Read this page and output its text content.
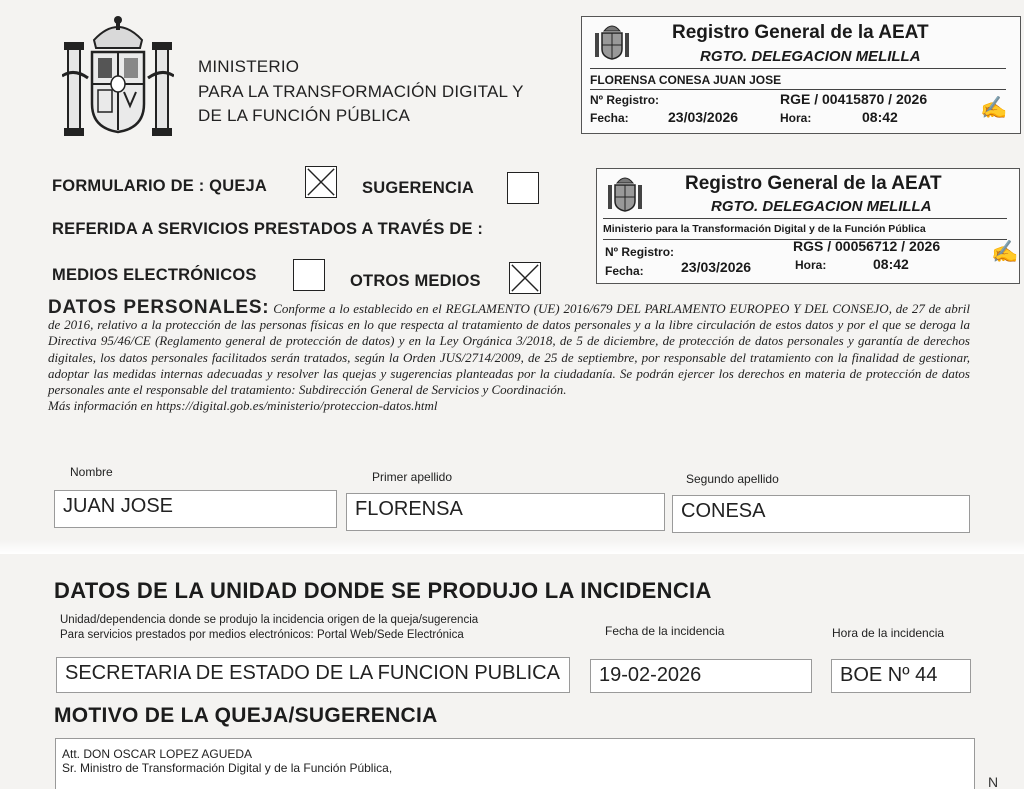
MINISTERIO
PARA LA TRANSFORMACIÓN DIGITAL Y
DE LA FUNCIÓN PÚBLICA
Registro General de la AEAT
RGTO. DELEGACION MELILLA
FLORENSA CONESA JUAN JOSE
Nº Registro:	RGE / 00415870 / 2026
Fecha:	23/03/2026	Hora:	08:42	✍
Registro General de la AEAT
RGTO. DELEGACION MELILLA
Ministerio para la Transformación Digital y de la Función Pública
Nº Registro:	RGS / 00056712 / 2026
Fecha:	23/03/2026	Hora:	08:42	✍
FORMULARIO DE : QUEJA	SUGERENCIA
REFERIDA A SERVICIOS PRESTADOS A TRAVÉS DE :
MEDIOS ELECTRÓNICOS	OTROS MEDIOS
DATOS PERSONALES: Conforme a lo establecido en el REGLAMENTO (UE) 2016/679 DEL PARLAMENTO EUROPEO Y DEL CONSEJO, de 27 de abril de 2016, relativo a la protección de las personas físicas en lo que respecta al tratamiento de datos personales y a la libre circulación de estos datos y por el que se deroga la Directiva 95/46/CE (Reglamento general de protección de datos) y en la Ley Orgánica 3/2018, de 5 de diciembre, de protección de datos personales y garantía de derechos digitales, los datos personales facilitados serán tratados, según la Orden JUS/2714/2009, de 25 de septiembre, por responsable del tratamiento con la finalidad de gestionar, adoptar las medidas internas adecuadas y resolver las quejas y sugerencias planteadas por la ciudadanía. Se podrán ejercer los derechos en materia de protección de datos personales ante el responsable del tratamiento: Subdirección General de Servicios y Coordinación.
Más información en https://digital.gob.es/ministerio/proteccion-datos.html
Nombre	Primer apellido	Segundo apellido
JUAN JOSE	FLORENSA	CONESA
DATOS DE LA UNIDAD DONDE SE PRODUJO LA INCIDENCIA
Unidad/dependencia donde se produjo la incidencia origen de la queja/sugerencia
Para servicios prestados por medios electrónicos: Portal Web/Sede Electrónica	Fecha de la incidencia	Hora de la incidencia
SECRETARIA DE ESTADO DE LA FUNCION PUBLICA	19-02-2026	BOE Nº 44
MOTIVO DE LA QUEJA/SUGERENCIA
Att. DON OSCAR LOPEZ AGUEDA
Sr. Ministro de Transformación Digital y de la Función Pública,
N
